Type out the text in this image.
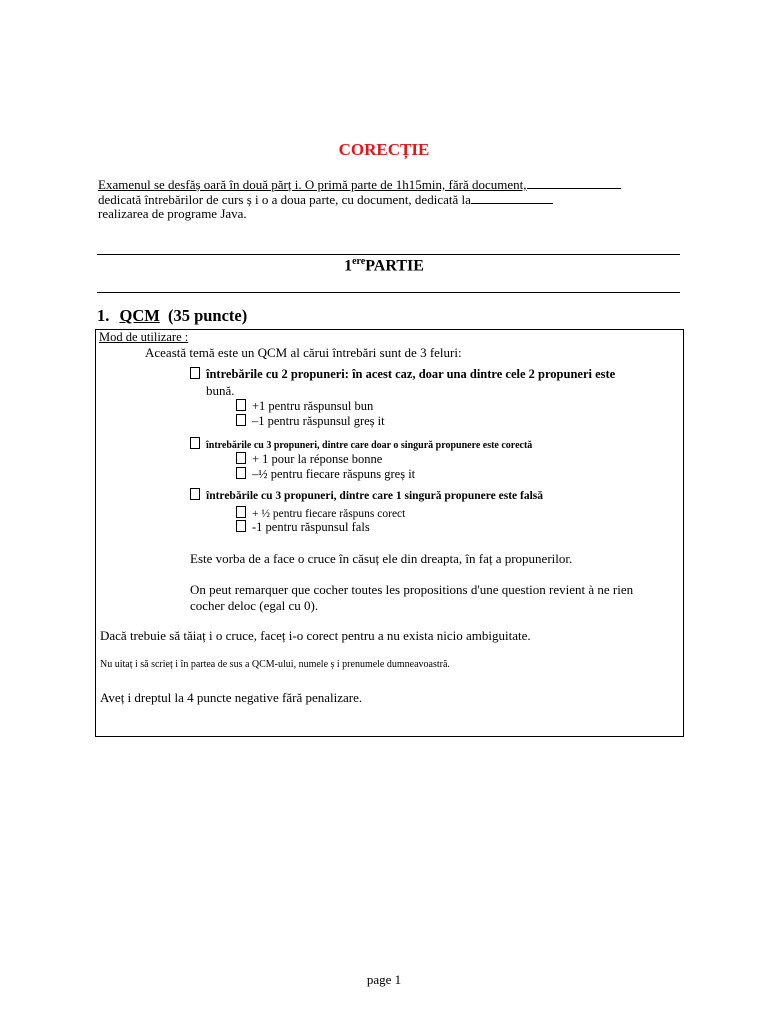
CORECȚIE
Examenul se desfăș oară în două părț i. O primă parte de 1h15min, fără document,
dedicată întrebărilor de curs ș i o a doua parte, cu document, dedicată la
realizarea de programe Java.
1erePARTIE
1. QCM (35 puncte)
Mod de utilizare :
Această temă este un QCM al cărui întrebări sunt de 3 feluri:
întrebările cu 2 propuneri: în acest caz, doar una dintre cele 2 propuneri este
bună.
+1 pentru răspunsul bun
–1 pentru răspunsul greș it
întrebările cu 3 propuneri, dintre care doar o singură propunere este corectă
+ 1 pour la réponse bonne
–½ pentru fiecare răspuns greș it
întrebările cu 3 propuneri, dintre care 1 singură propunere este falsă
+ ½ pentru fiecare răspuns corect
-1 pentru răspunsul fals
Este vorba de a face o cruce în căsuț ele din dreapta, în faț a propunerilor.
On peut remarquer que cocher toutes les propositions d'une question revient à ne rien
cocher deloc (egal cu 0).
Dacă trebuie să tăiaț i o cruce, faceț i-o corect pentru a nu exista nicio ambiguitate.
Nu uitaț i să scrieț i în partea de sus a QCM-ului, numele ș i prenumele dumneavoastră.
Aveț i dreptul la 4 puncte negative fără penalizare.
page 1
